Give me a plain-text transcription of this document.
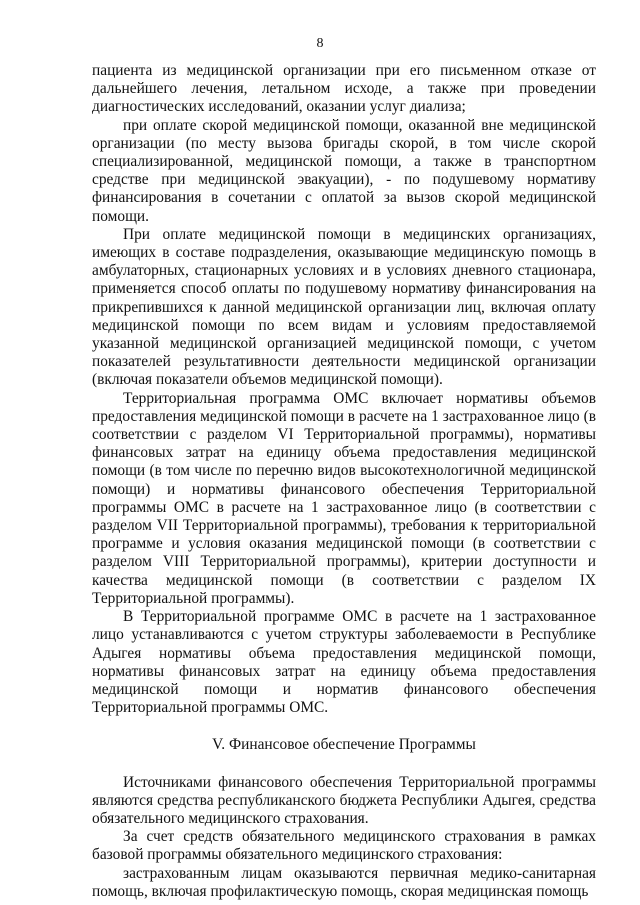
8

пациента из медицинской организации при его письменном отказе от дальнейшего лечения, летальном исходе, а также при проведении диагностических исследований, оказании услуг диализа;

при оплате скорой медицинской помощи, оказанной вне медицинской организации (по месту вызова бригады скорой, в том числе скорой специализированной, медицинской помощи, а также в транспортном средстве при медицинской эвакуации), - по подушевому нормативу финансирования в сочетании с оплатой за вызов скорой медицинской помощи.

При оплате медицинской помощи в медицинских организациях, имеющих в составе подразделения, оказывающие медицинскую помощь в амбулаторных, стационарных условиях и в условиях дневного стационара, применяется способ оплаты по подушевому нормативу финансирования на прикрепившихся к данной медицинской организации лиц, включая оплату медицинской помощи по всем видам и условиям предоставляемой указанной медицинской организацией медицинской помощи, с учетом показателей результативности деятельности медицинской организации (включая показатели объемов медицинской помощи).

Территориальная программа ОМС включает нормативы объемов предоставления медицинской помощи в расчете на 1 застрахованное лицо (в соответствии с разделом VI Территориальной программы), нормативы финансовых затрат на единицу объема предоставления медицинской помощи (в том числе по перечню видов высокотехнологичной медицинской помощи) и нормативы финансового обеспечения Территориальной программы ОМС в расчете на 1 застрахованное лицо (в соответствии с разделом VII Территориальной программы), требования к территориальной программе и условия оказания медицинской помощи (в соответствии с разделом VIII Территориальной программы), критерии доступности и качества медицинской помощи (в соответствии с разделом IX Территориальной программы).

В Территориальной программе ОМС в расчете на 1 застрахованное лицо устанавливаются с учетом структуры заболеваемости в Республике Адыгея нормативы объема предоставления медицинской помощи, нормативы финансовых затрат на единицу объема предоставления медицинской помощи и норматив финансового обеспечения Территориальной программы ОМС.

V. Финансовое обеспечение Программы

Источниками финансового обеспечения Территориальной программы являются средства республиканского бюджета Республики Адыгея, средства обязательного медицинского страхования.

За счет средств обязательного медицинского страхования в рамках базовой программы обязательного медицинского страхования:

застрахованным лицам оказываются первичная медико-санитарная помощь, включая профилактическую помощь, скорая медицинская помощь
